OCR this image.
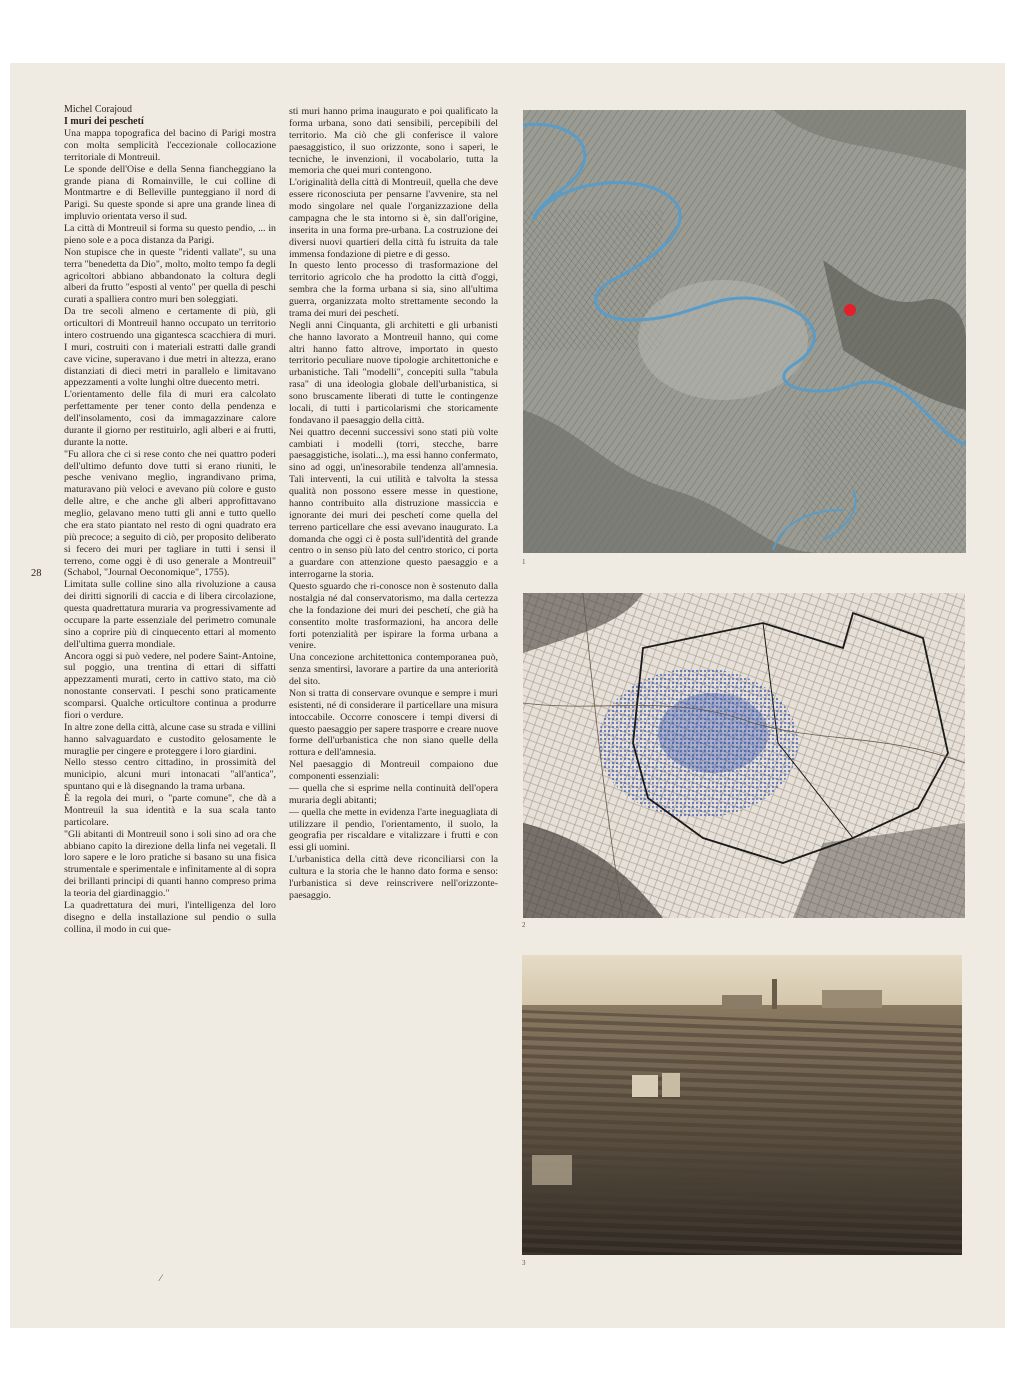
28

Michel Corajoud

I muri dei peschetí

Una mappa topografica del bacino di Parigi mostra con molta semplicità l'eccezionale collocazione territoriale di Montreuil.

Le sponde dell'Oise e della Senna fiancheggiano la grande piana di Romainville, le cui colline di Montmartre e di Belleville punteggiano il nord di Parigi. Su queste sponde si apre una grande linea di impluvio orientata verso il sud.

La città di Montreuil si forma su questo pendio, ... in pieno sole e a poca distanza da Parigi.

Non stupisce che in queste "ridenti vallate", su una terra "benedetta da Dio", molto, molto tempo fa degli agricoltori abbiano abbandonato la coltura degli alberi da frutto "esposti al vento" per quella di peschi curati a spalliera contro muri ben soleggiati.

Da tre secoli almeno e certamente di più, gli orticultori di Montreuil hanno occupato un territorio intero costruendo una gigantesca scacchiera di muri. I muri, costruiti con i materiali estratti dalle grandi cave vicine, superavano i due metri in altezza, erano distanziati di dieci metri in parallelo e limitavano appezzamenti a volte lunghi oltre duecento metri.

L'orientamento delle fila di muri era calcolato perfettamente per tener conto della pendenza e dell'insolamento, così da immagazzinare calore durante il giorno per restituirlo, agli alberi e ai frutti, durante la notte.

"Fu allora che ci si rese conto che nei quattro poderi dell'ultimo defunto dove tutti si erano riuniti, le pesche venivano meglio, ingrandivano prima, maturavano più veloci e avevano più colore e gusto delle altre, e che anche gli alberi approfittavano meglio, gelavano meno tutti gli anni e tutto quello che era stato piantato nel resto di ogni quadrato era più precoce; a seguito di ciò, per proposito deliberato si fecero dei muri per tagliare in tutti i sensi il terreno, come oggi è di uso generale a Montreuil" (Schabol, "Journal Oeconomique", 1755).

Limitata sulle colline sino alla rivoluzione a causa dei diritti signorili di caccia e di libera circolazione, questa quadrettatura muraria va progressivamente ad occupare la parte essenziale del perimetro comunale sino a coprire più di cinquecento ettari al momento dell'ultima guerra mondiale.

Ancora oggi si può vedere, nel podere Saint-Antoine, sul poggio, una trentina di ettari di siffatti appezzamenti murati, certo in cattivo stato, ma ciò nonostante conservati. I peschi sono praticamente scomparsi. Qualche orticultore continua a produrre fiori o verdure.

In altre zone della città, alcune case su strada e villini hanno salvaguardato e custodito gelosamente le muraglie per cingere e proteggere i loro giardini.

Nello stesso centro cittadino, in prossimità del municipio, alcuni muri intonacati "all'antica", spuntano qui e là disegnando la trama urbana.

È la regola dei muri, o "parte comune", che dà a Montreuil la sua identità e la sua scala tanto particolare.

"Gli abitanti di Montreuil sono i soli sino ad ora che abbiano capito la direzione della linfa nei vegetali. Il loro sapere e le loro pratiche si basano su una fisica strumentale e sperimentale e infinitamente al di sopra dei brillanti principi di quanti hanno compreso prima la teoria del giardinaggio."

La quadrettatura dei muri, l'intelligenza del loro disegno e della installazione sul pendio o sulla collina, il modo in cui que-

sti muri hanno prima inaugurato e poi qualificato la forma urbana, sono dati sensibili, percepibili del territorio. Ma ciò che gli conferisce il valore paesaggistico, il suo orizzonte, sono i saperi, le tecniche, le invenzioni, il vocabolario, tutta la memoria che quei muri contengono.

L'originalità della città di Montreuil, quella che deve essere riconosciuta per pensarne l'avvenire, sta nel modo singolare nel quale l'organizzazione della campagna che le sta intorno si è, sin dall'origine, inserita in una forma pre-urbana. La costruzione dei diversi nuovi quartieri della città fu istruita da tale immensa fondazione di pietre e di gesso.

In questo lento processo di trasformazione del territorio agricolo che ha prodotto la città d'oggi, sembra che la forma urbana si sia, sino all'ultima guerra, organizzata molto strettamente secondo la trama dei muri dei peschetí.

Negli anni Cinquanta, gli architetti e gli urbanisti che hanno lavorato a Montreuil hanno, qui come altri hanno fatto altrove, importato in questo territorio peculiare nuove tipologie architettoniche e urbanistiche. Tali "modelli", concepiti sulla "tabula rasa" di una ideologia globale dell'urbanistica, si sono bruscamente liberati di tutte le contingenze locali, di tutti i particolarismi che storicamente fondavano il paesaggio della città.

Nei quattro decenni successivi sono stati più volte cambiati i modelli (torri, stecche, barre paesaggistiche, isolati...), ma essi hanno confermato, sino ad oggi, un'inesorabile tendenza all'amnesia. Tali interventi, la cui utilità e talvolta la stessa qualità non possono essere messe in questione, hanno contribuito alla distruzione massiccia e ignorante dei muri dei peschetí come quella del terreno particellare che essi avevano inaugurato. La domanda che oggi ci è posta sull'identità del grande centro o in senso più lato del centro storico, ci porta a guardare con attenzione questo paesaggio e a interrogarne la storia.

Questo sguardo che ri-conosce non è sostenuto dalla nostalgia né dal conservatorismo, ma dalla certezza che la fondazione dei muri dei peschetí, che già ha consentito molte trasformazioni, ha ancora delle forti potenzialità per ispirare la forma urbana a venire.

Una concezione architettonica contemporanea può, senza smentirsi, lavorare a partire da una anteriorità del sito.

Non si tratta di conservare ovunque e sempre i muri esistenti, né di considerare il particellare una misura intoccabile. Occorre conoscere i tempi diversi di questo paesaggio per sapere trasporre e creare nuove forme dell'urbanistica che non siano quelle della rottura e dell'amnesia.

Nel paesaggio di Montreuil compaiono due componenti essenziali:

— quella che si esprime nella continuità dell'opera muraria degli abitanti;

— quella che mette in evidenza l'arte ineguagliata di utilizzare il pendio, l'orientamento, il suolo, la geografia per riscaldare e vitalizzare i frutti e con essi gli uomini.

L'urbanistica della città deve riconciliarsi con la cultura e la storia che le hanno dato forma e senso: l'urbanistica si deve reinscrivere nell'orizzonte-paesaggio.

1
2
3
⁄
